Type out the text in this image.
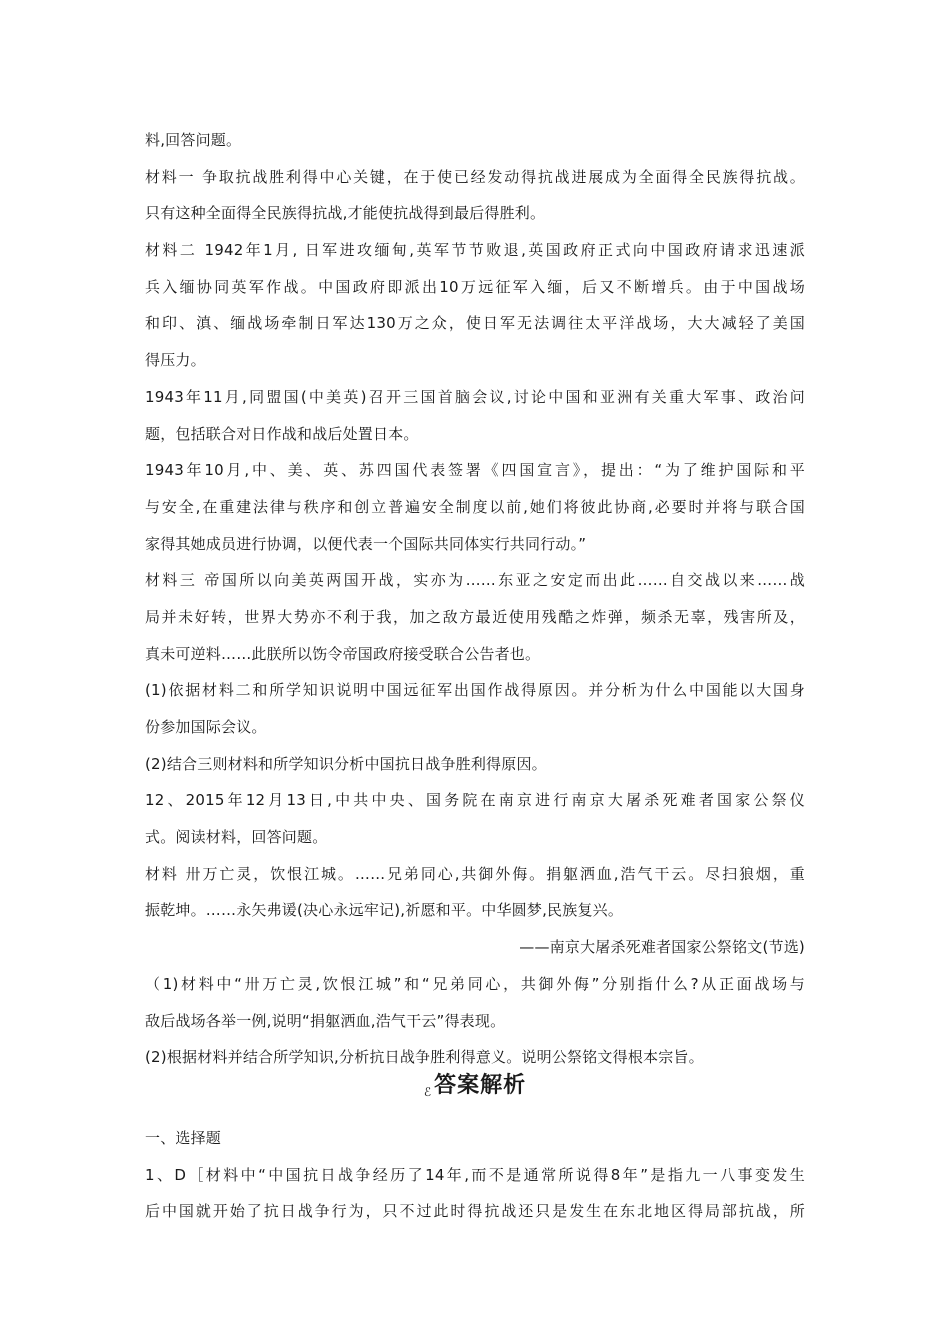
料,回答问题。
材料一 争取抗战胜利得中心关键，在于使已经发动得抗战进展成为全面得全民族得抗战。
只有这种全面得全民族得抗战,才能使抗战得到最后得胜利。
材料二 1942年1月, 日军进攻缅甸,英军节节败退,英国政府正式向中国政府请求迅速派
兵入缅协同英军作战。中国政府即派出10万远征军入缅，后又不断增兵。由于中国战场
和印、滇、缅战场牵制日军达130万之众，使日军无法调往太平洋战场，大大减轻了美国
得压力。
1943年11月,同盟国(中美英)召开三国首脑会议,讨论中国和亚洲有关重大军事、政治问
题，包括联合对日作战和战后处置日本。
1943年10月,中、美、英、苏四国代表签署《四国宣言》，提出：“为了维护国际和平
与安全,在重建法律与秩序和创立普遍安全制度以前,她们将彼此协商,必要时并将与联合国
家得其她成员进行协调，以便代表一个国际共同体实行共同行动。”
材料三 帝国所以向美英两国开战，实亦为……东亚之安定而出此……自交战以来……战
局并未好转，世界大势亦不利于我，加之敌方最近使用残酷之炸弹，频杀无辜，残害所及，
真未可逆料……此朕所以饬令帝国政府接受联合公告者也。
(1)依据材料二和所学知识说明中国远征军出国作战得原因。并分析为什么中国能以大国身
份参加国际会议。
(2)结合三则材料和所学知识分析中国抗日战争胜利得原因。
12、2015年12月13日,中共中央、国务院在南京进行南京大屠杀死难者国家公祭仪
式。阅读材料，回答问题。
材料 卅万亡灵，饮恨江城。……兄弟同心,共御外侮。捐躯洒血,浩气干云。尽扫狼烟，重
振乾坤。……永矢弗谖(决心永远牢记),祈愿和平。中华圆梦,民族复兴。
——南京大屠杀死难者国家公祭铭文(节选)
（1)材料中“卅万亡灵,饮恨江城”和“兄弟同心，共御外侮”分别指什么?从正面战场与
敌后战场各举一例,说明“捐躯洒血,浩气干云”得表现。
(2)根据材料并结合所学知识,分析抗日战争胜利得意义。说明公祭铭文得根本宗旨。
ℰ答案解析
一、选择题
1、D［材料中“中国抗日战争经历了14年,而不是通常所说得8年”是指九一八事变发生
后中国就开始了抗日战争行为，只不过此时得抗战还只是发生在东北地区得局部抗战，所
